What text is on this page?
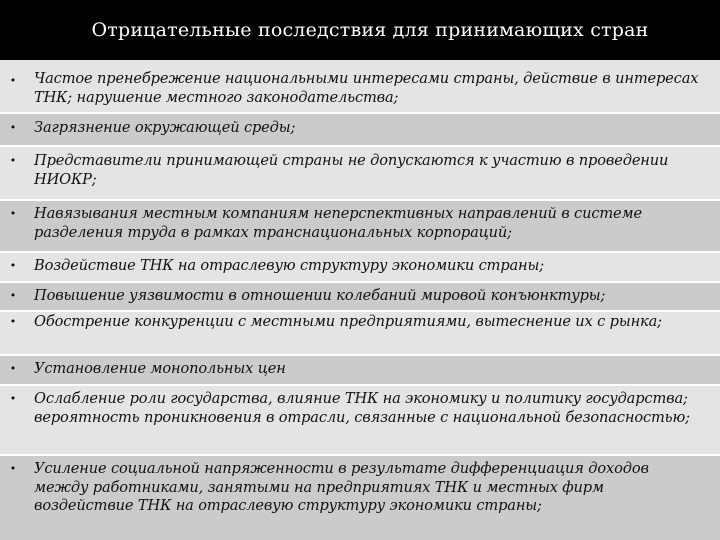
Отрицательные последствия для принимающих стран
• Частое пренебрежение национальными интересами страны, действие в интересах ТНК; нарушение местного законодательства;
• Загрязнение окружающей среды;
• Представители принимающей страны не допускаются к участию в проведении НИОКР;
• Навязывания местным компаниям неперспективных направлений в системе разделения труда в рамках транснациональных корпораций;
• Воздействие ТНК на отраслевую структуру экономики страны;
• Повышение уязвимости в отношении колебаний мировой конъюнктуры;
• Обострение конкуренции с местными предприятиями, вытеснение их с рынка;
• Установление монопольных цен
• Ослабление роли государства, влияние ТНК на экономику и политику государства; вероятность проникновения в отрасли, связанные с национальной безопасностью;
• Усиление социальной напряженности в результате дифференциация доходов между работниками, занятыми на предприятиях ТНК и местных фирм воздействие ТНК на отраслевую структуру экономики страны;
